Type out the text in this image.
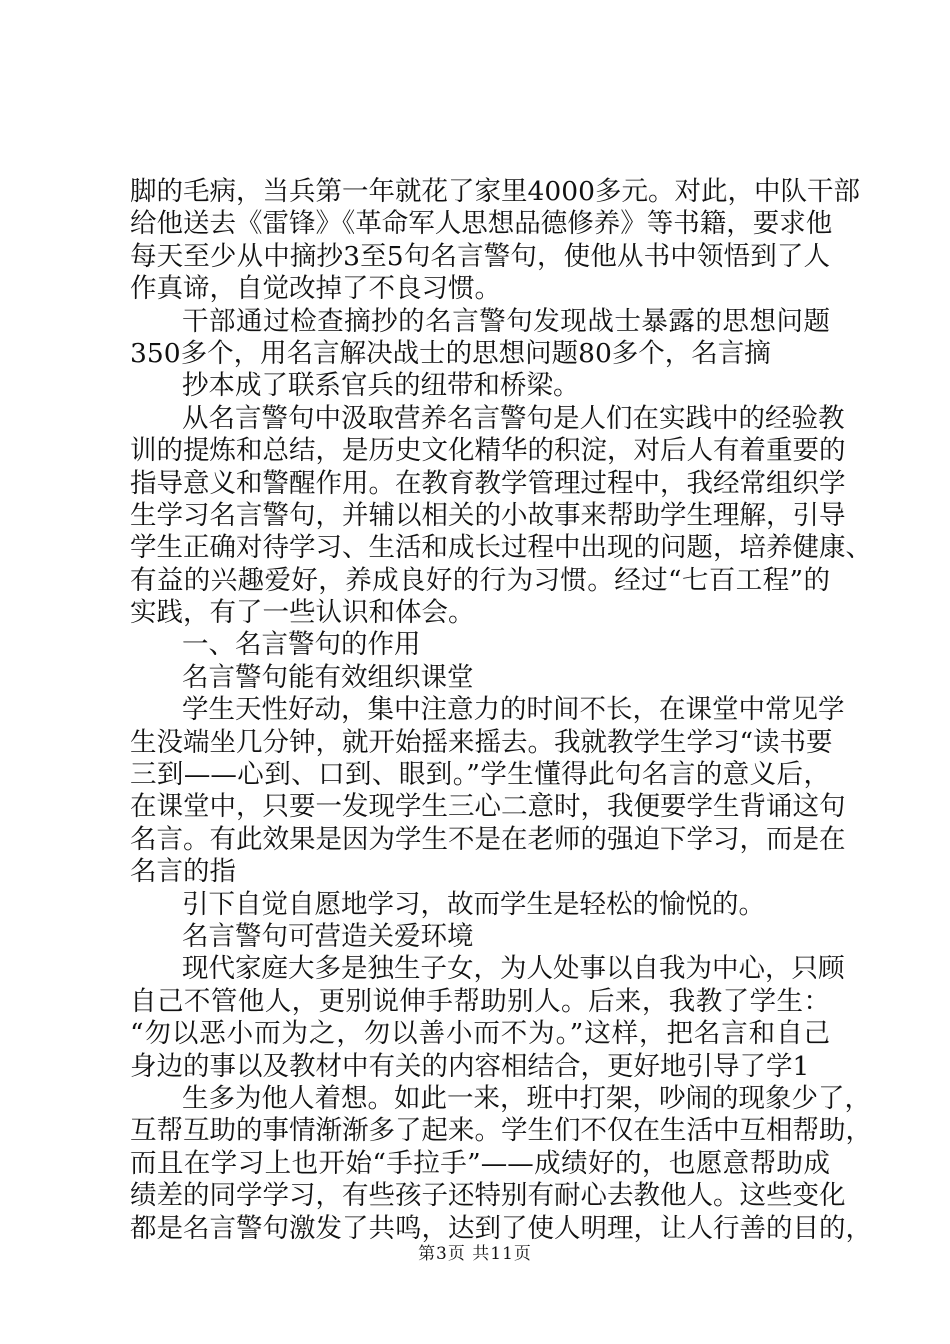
脚的毛病，当兵第一年就花了家里4000多元。对此，中队干部
给他送去《雷锋》《革命军人思想品德修养》等书籍，要求他
每天至少从中摘抄3至5句名言警句，使他从书中领悟到了人
作真谛，自觉改掉了不良习惯。
干部通过检查摘抄的名言警句发现战士暴露的思想问题
350多个，用名言解决战士的思想问题80多个，名言摘
抄本成了联系官兵的纽带和桥梁。
从名言警句中汲取营养名言警句是人们在实践中的经验教
训的提炼和总结，是历史文化精华的积淀，对后人有着重要的
指导意义和警醒作用。在教育教学管理过程中，我经常组织学
生学习名言警句，并辅以相关的小故事来帮助学生理解，引导
学生正确对待学习、生活和成长过程中出现的问题，培养健康、
有益的兴趣爱好，养成良好的行为习惯。经过“七百工程”的
实践，有了一些认识和体会。
一、名言警句的作用
名言警句能有效组织课堂
学生天性好动，集中注意力的时间不长，在课堂中常见学
生没端坐几分钟，就开始摇来摇去。我就教学生学习“读书要
三到——心到、口到、眼到。”学生懂得此句名言的意义后，
在课堂中，只要一发现学生三心二意时，我便要学生背诵这句
名言。有此效果是因为学生不是在老师的强迫下学习，而是在
名言的指
引下自觉自愿地学习，故而学生是轻松的愉悦的。
名言警句可营造关爱环境
现代家庭大多是独生子女，为人处事以自我为中心，只顾
自己不管他人，更别说伸手帮助别人。后来，我教了学生：
“勿以恶小而为之，勿以善小而不为。”这样，把名言和自己
身边的事以及教材中有关的内容相结合，更好地引导了学1
生多为他人着想。如此一来，班中打架，吵闹的现象少了，
互帮互助的事情渐渐多了起来。学生们不仅在生活中互相帮助，
而且在学习上也开始“手拉手”——成绩好的，也愿意帮助成
绩差的同学学习，有些孩子还特别有耐心去教他人。这些变化
都是名言警句激发了共鸣，达到了使人明理，让人行善的目的，
第3页 共11页
